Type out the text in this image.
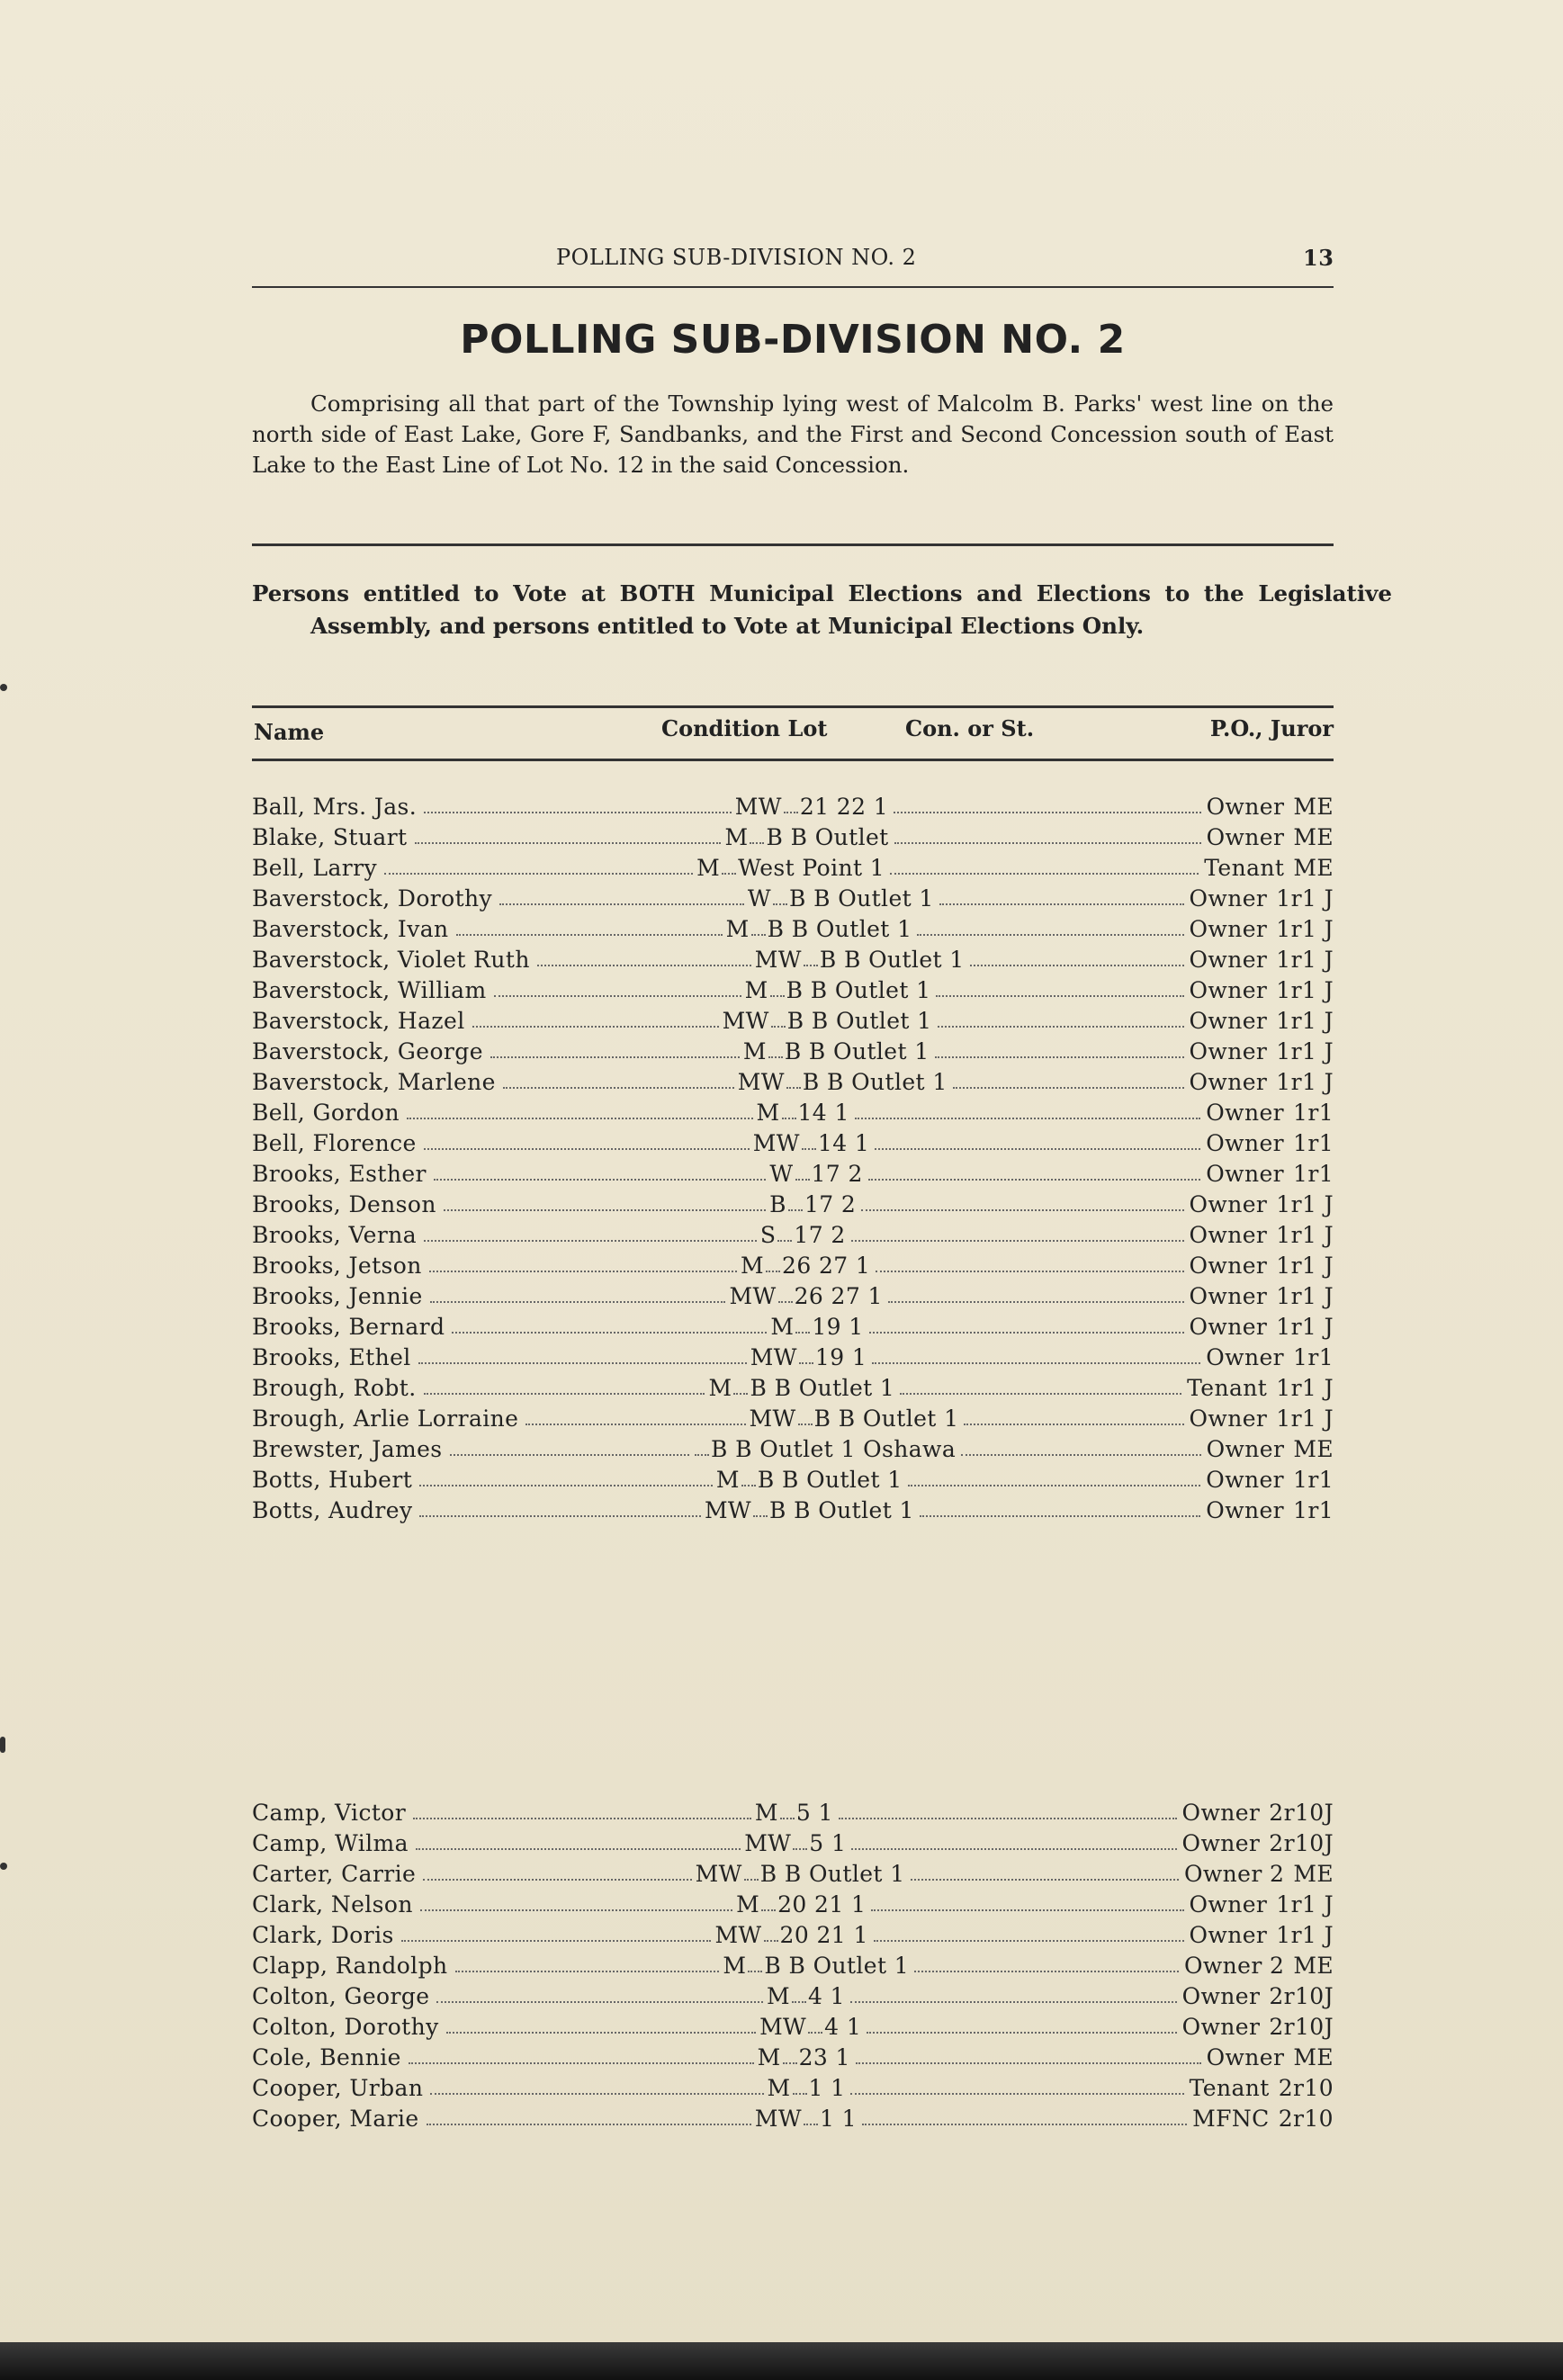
POLLING SUB-DIVISION NO. 2	13
POLLING SUB-DIVISION NO. 2

Comprising all that part of the Township lying west of Malcolm B. Parks' west line on the north side of East Lake, Gore F, Sandbanks, and the First and Second Concession south of East Lake to the East Line of Lot No. 12 in the said Concession.

Persons entitled to Vote at BOTH Municipal Elections and Elections to the Legislative Assembly, and persons entitled to Vote at Municipal Elections Only.

Name	Condition Lot	Con. or St.	P.O., Juror
Ball, Mrs. Jas.	MW 21 22 1	Owner ME
Blake, Stuart	M B B Outlet	Owner ME
Bell, Larry	M West Point 1	Tenant ME
Baverstock, Dorothy	W B B Outlet 1	Owner 1r1 J
Baverstock, Ivan	M B B Outlet 1	Owner 1r1 J
Baverstock, Violet Ruth	MW B B Outlet 1	Owner 1r1 J
Baverstock, William	M B B Outlet 1	Owner 1r1 J
Baverstock, Hazel	MW B B Outlet 1	Owner 1r1 J
Baverstock, George	M B B Outlet 1	Owner 1r1 J
Baverstock, Marlene	MW B B Outlet 1	Owner 1r1 J
Bell, Gordon	M 14 1	Owner 1r1
Bell, Florence	MW 14 1	Owner 1r1
Brooks, Esther	W 17 2	Owner 1r1
Brooks, Denson	B 17 2	Owner 1r1 J
Brooks, Verna	S 17 2	Owner 1r1 J
Brooks, Jetson	M 26 27 1	Owner 1r1 J
Brooks, Jennie	MW 26 27 1	Owner 1r1 J
Brooks, Bernard	M 19 1	Owner 1r1 J
Brooks, Ethel	MW 19 1	Owner 1r1
Brough, Robt.	M B B Outlet 1	Tenant 1r1 J
Brough, Arlie Lorraine	MW B B Outlet 1	Owner 1r1 J
Brewster, James	B B Outlet 1 Oshawa	Owner ME
Botts, Hubert	M B B Outlet 1	Owner 1r1
Botts, Audrey	MW B B Outlet 1	Owner 1r1
Camp, Victor	M 5 1	Owner 2r10J
Camp, Wilma	MW 5 1	Owner 2r10J
Carter, Carrie	MW B B Outlet 1	Owner 2 ME
Clark, Nelson	M 20 21 1	Owner 1r1 J
Clark, Doris	MW 20 21 1	Owner 1r1 J
Clapp, Randolph	M B B Outlet 1	Owner 2 ME
Colton, George	M 4 1	Owner 2r10J
Colton, Dorothy	MW 4 1	Owner 2r10J
Cole, Bennie	M 23 1	Owner ME
Cooper, Urban	M 1 1	Tenant 2r10
Cooper, Marie	MW 1 1	MFNC 2r10
